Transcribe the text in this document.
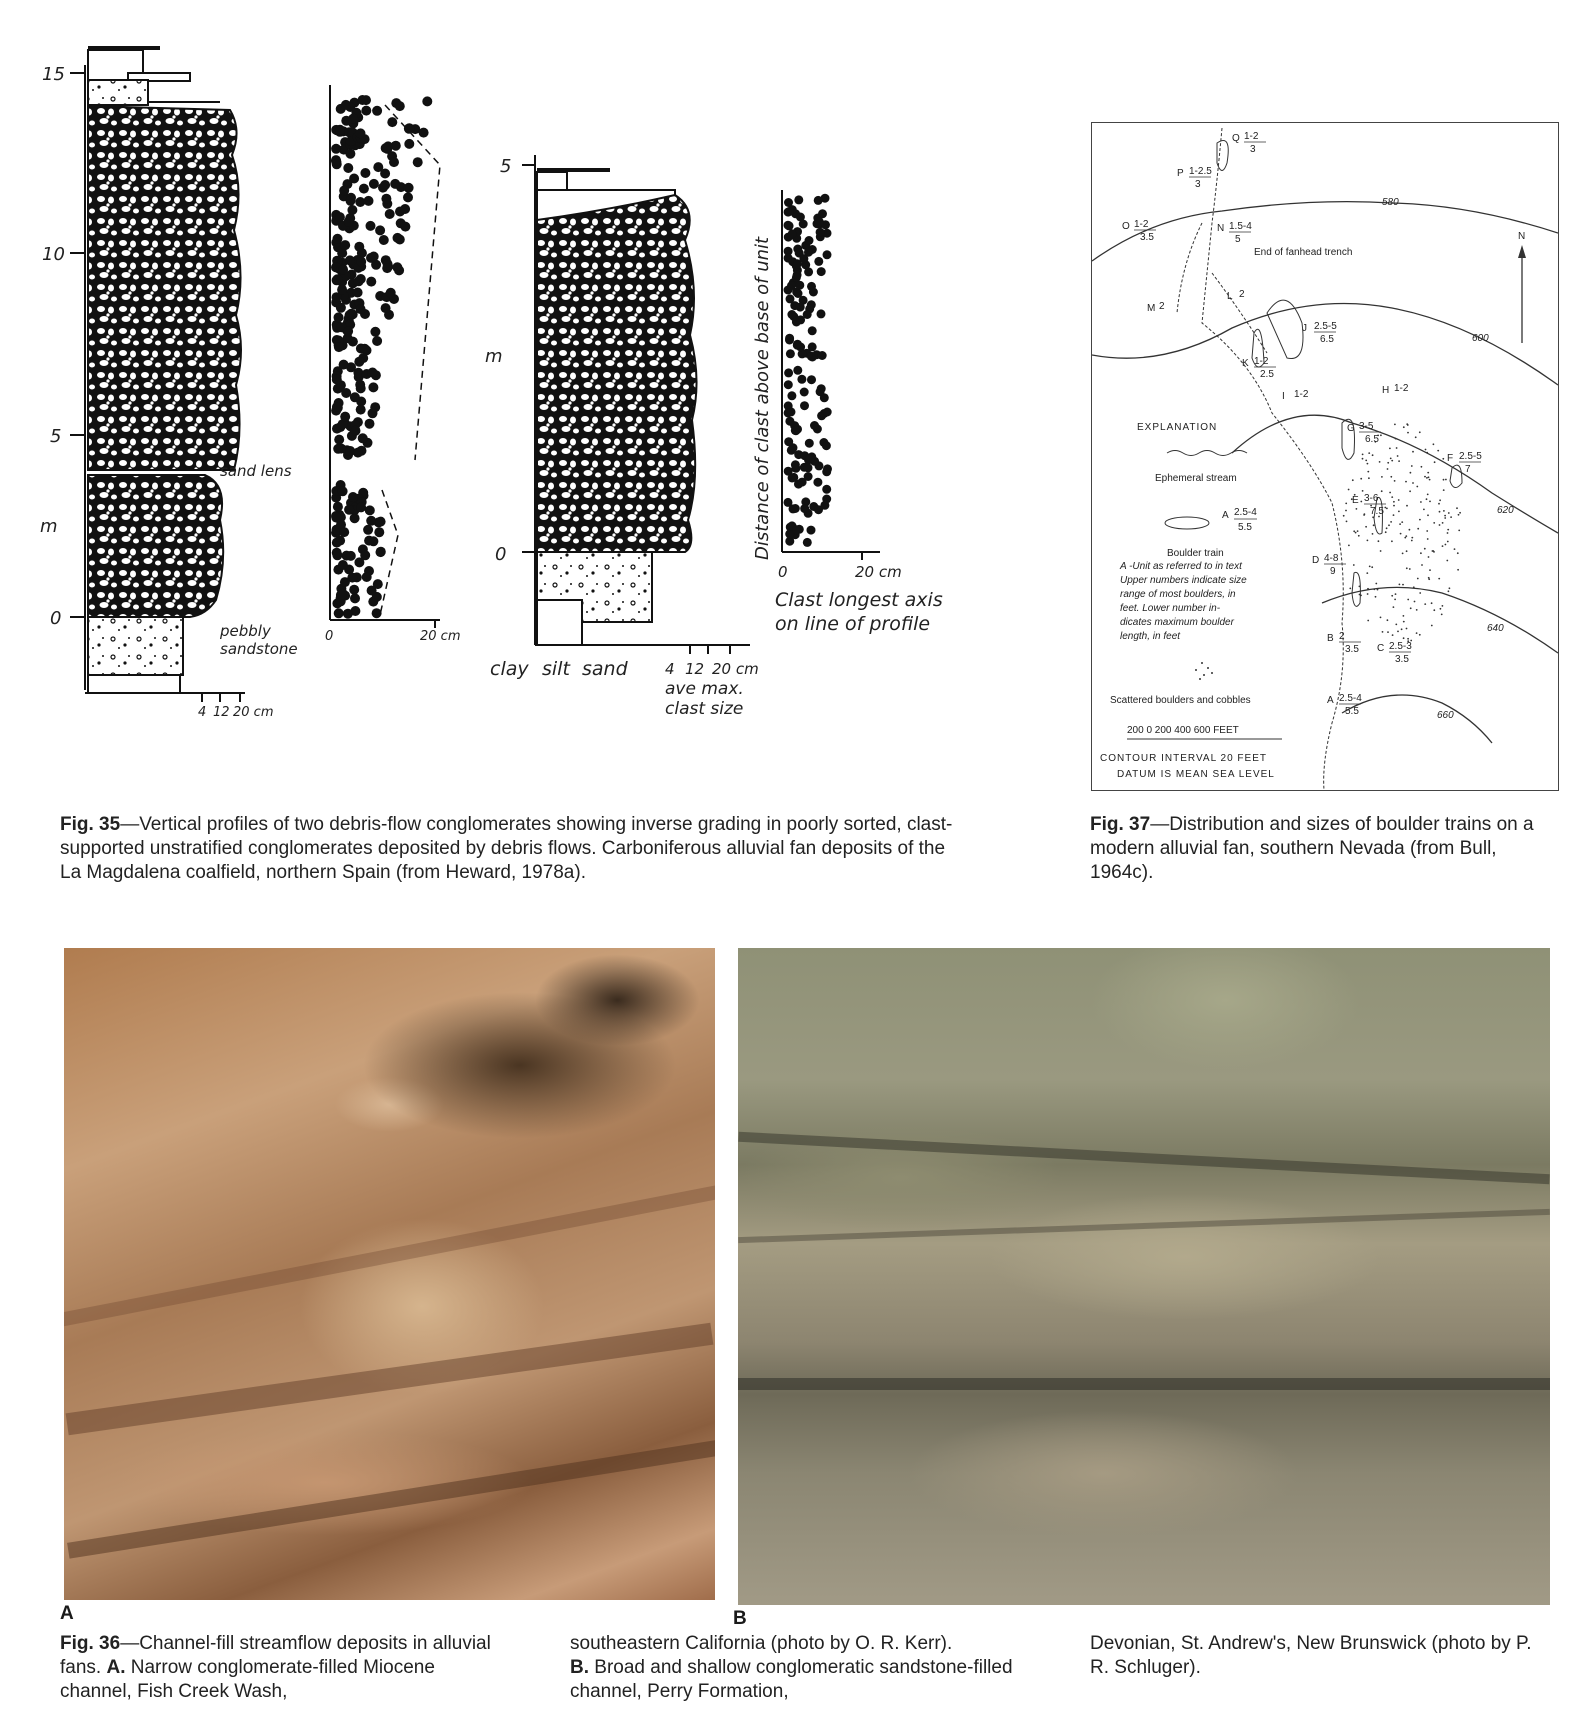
15
10
5
0
m
sand lens
pebbly
sandstone
4 12 20 cm
0	20 cm
5
0
m
clay silt sand 4 12 20 cm
ave max.
clast size
Distance of clast above base of unit
0	20 cm
Clast longest axis
on line of profile
Fig. 35—Vertical profiles of two debris-flow conglomerates showing inverse grading in poorly sorted, clast-supported unstratified conglomerates deposited by debris flows. Carboniferous alluvial fan deposits of the La Magdalena coalfield, northern Spain (from Heward, 1978a).
580
600
620
640
660
N
Q 1-2
3
P 1-2.5
3
O 1-2
3.5
N 1.5-4
5
M 2
L 2
J 2.5-5
6.5
K 1-2
2.5
I 1-2	H 1-2
G 3-5
6.5
F 2.5-5
7
E 3-6
7.5
D 4-8
9
B 2
3.5 C 2.5-3
3.5
A 2.5-4
5.5
End of fanhead trench
EXPLANATION
Ephemeral stream
A 2.5-4
5.5
Boulder train
A -Unit as referred to in text
Upper numbers indicate size
range of most boulders, in
feet. Lower number in-
dicates maximum boulder
length, in feet
Scattered boulders and cobbles
200 0 200 400 600 FEET
CONTOUR INTERVAL 20 FEET
DATUM IS MEAN SEA LEVEL
Fig. 37—Distribution and sizes of boulder trains on a modern alluvial fan, southern Nevada (from Bull, 1964c).
A	B
Fig. 36—Channel-fill streamflow deposits in alluvial fans. A. Narrow conglomerate-filled Miocene channel, Fish Creek Wash,
southeastern California (photo by O. R. Kerr).
B. Broad and shallow conglomeratic sandstone-filled channel, Perry Formation,
Devonian, St. Andrew's, New Brunswick (photo by P. R. Schluger).
